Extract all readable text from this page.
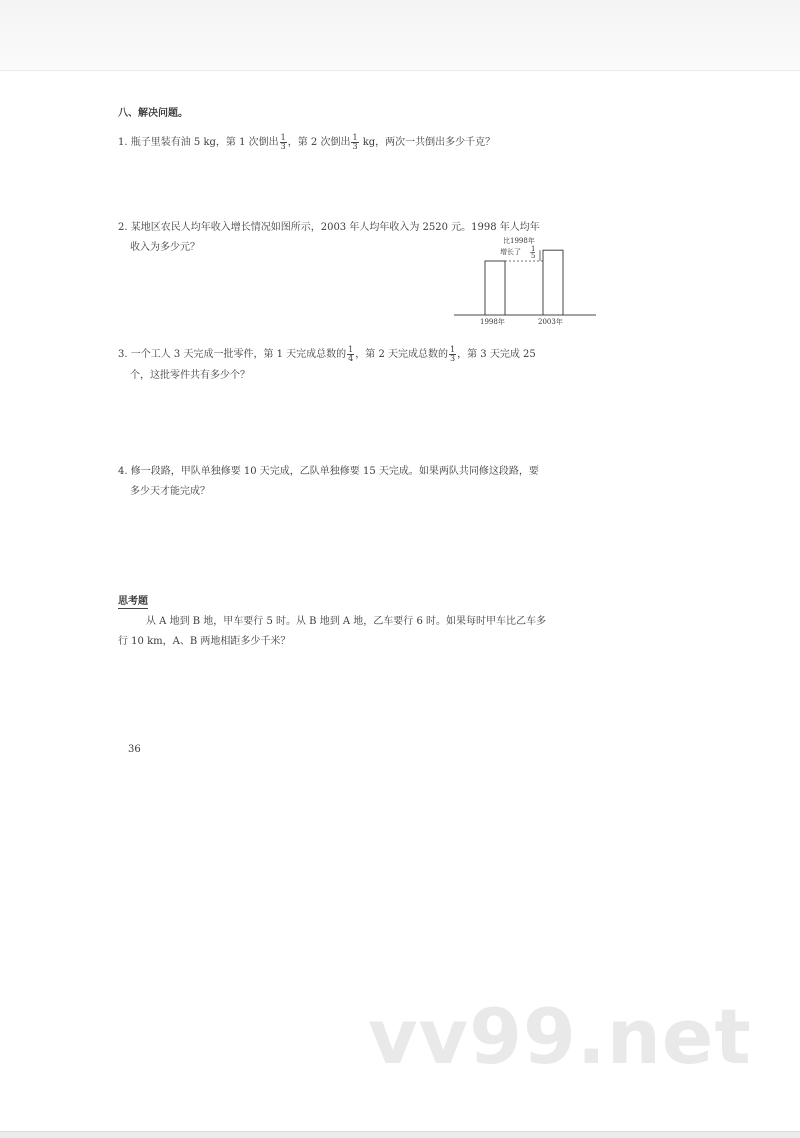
八、解决问题。
1. 瓶子里装有油 5 kg，第 1 次倒出 $\frac{1}{3}$ ，第 2 次倒出 $\frac{1}{3}$ kg，两次一共倒出多少千克？
2. 某地区农民人均年收入增长情况如图所示，2003 年人均年收入为 2520 元。1998 年人均年
收入为多少元？
比1998年
增长了 1
5
1998年	2003年
3. 一个工人 3 天完成一批零件，第 1 天完成总数的 $\frac{1}{4}$ ，第 2 天完成总数的 $\frac{1}{3}$ ，第 3 天完成 25
个，这批零件共有多少个？
4. 修一段路，甲队单独修要 10 天完成，乙队单独修要 15 天完成。如果两队共同修这段路，要
多少天才能完成？
思考题
从 A 地到 B 地，甲车要行 5 时。从 B 地到 A 地，乙车要行 6 时。如果每时甲车比乙车多
行 10 km，A、B 两地相距多少千米？
36
vv99.net
